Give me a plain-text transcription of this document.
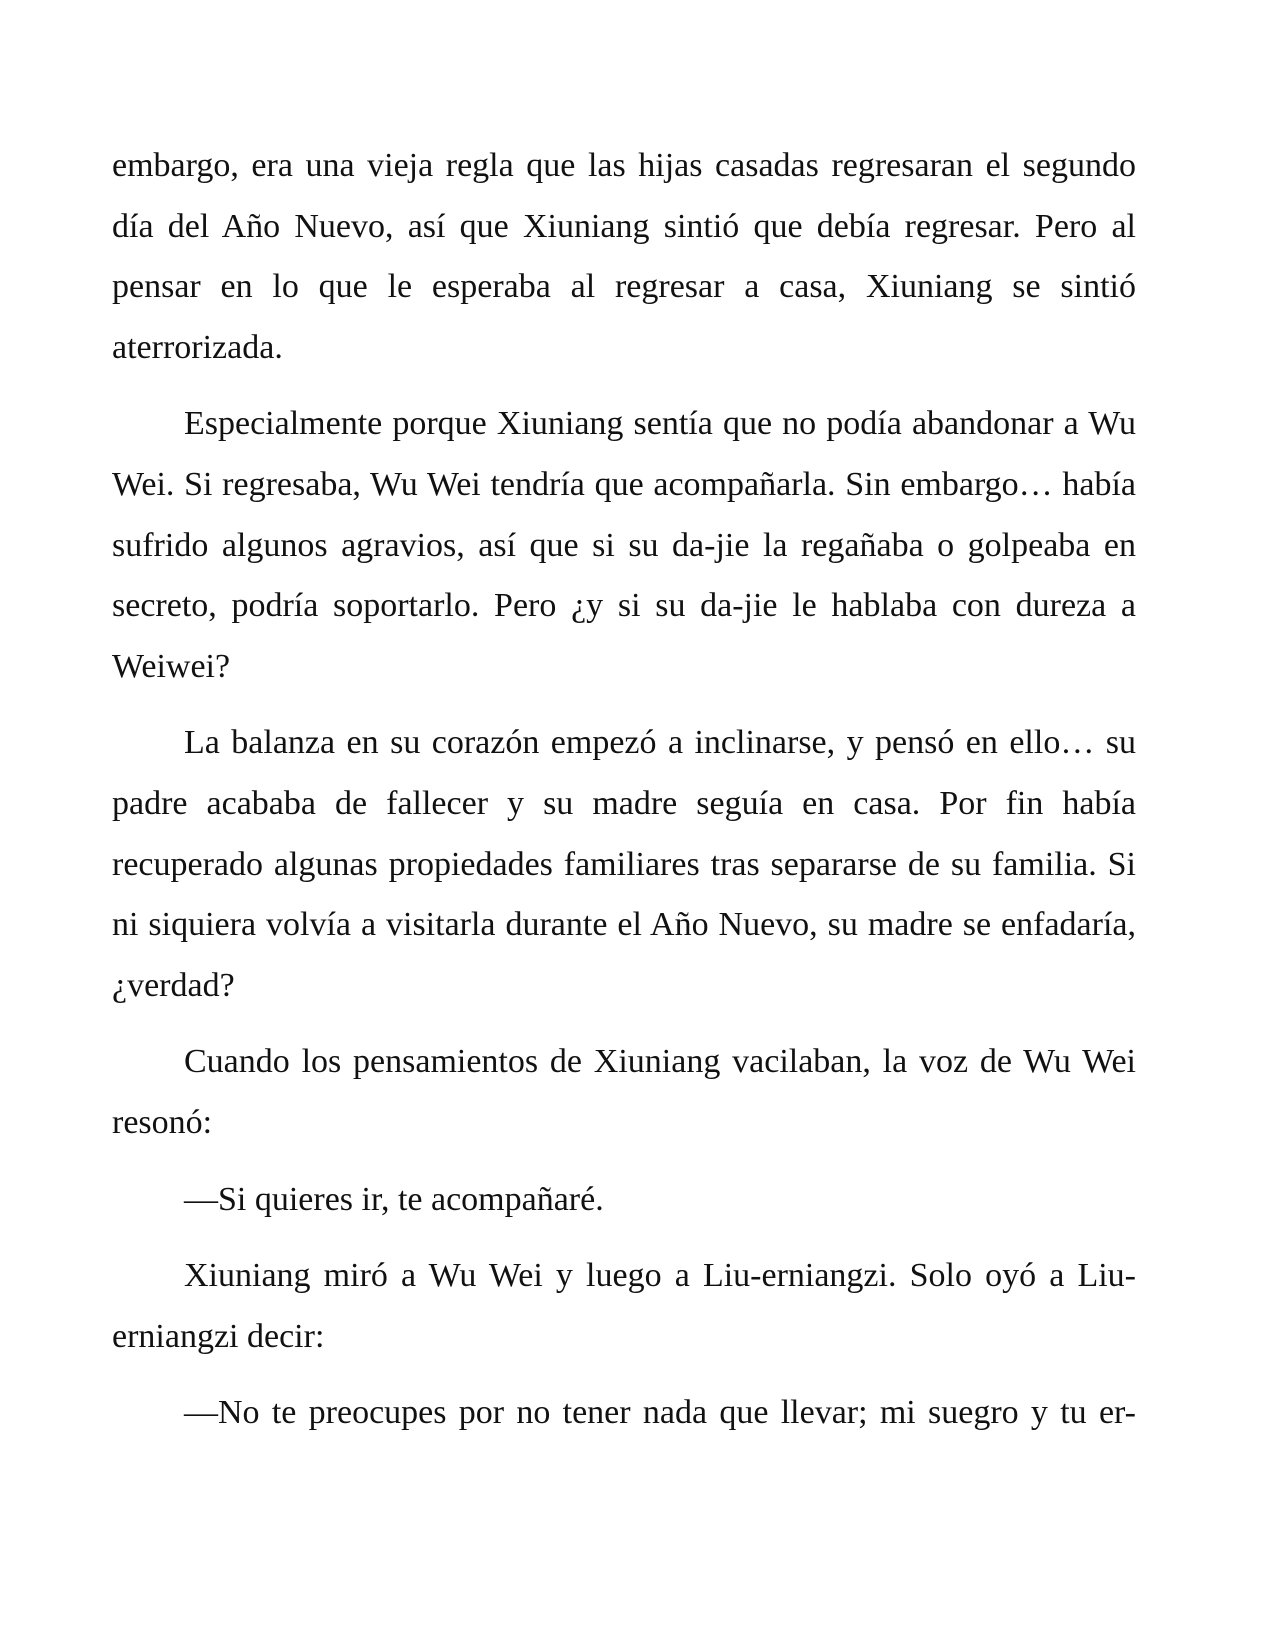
embargo, era una vieja regla que las hijas casadas regresaran el segundo día del Año Nuevo, así que Xiuniang sintió que debía regresar. Pero al pensar en lo que le esperaba al regresar a casa, Xiuniang se sintió aterrorizada.

Especialmente porque Xiuniang sentía que no podía abandonar a Wu Wei. Si regresaba, Wu Wei tendría que acompañarla. Sin embargo… había sufrido algunos agravios, así que si su da-jie la regañaba o golpeaba en secreto, podría soportarlo. Pero ¿y si su da-jie le hablaba con dureza a Weiwei?

La balanza en su corazón empezó a inclinarse, y pensó en ello… su padre acababa de fallecer y su madre seguía en casa. Por fin había recuperado algunas propiedades familiares tras separarse de su familia. Si ni siquiera volvía a visitarla durante el Año Nuevo, su madre se enfadaría, ¿verdad?

Cuando los pensamientos de Xiuniang vacilaban, la voz de Wu Wei resonó:

—Si quieres ir, te acompañaré.

Xiuniang miró a Wu Wei y luego a Liu-erniangzi. Solo oyó a Liu-erniangzi decir:

—No te preocupes por no tener nada que llevar; mi suegro y tu er-
